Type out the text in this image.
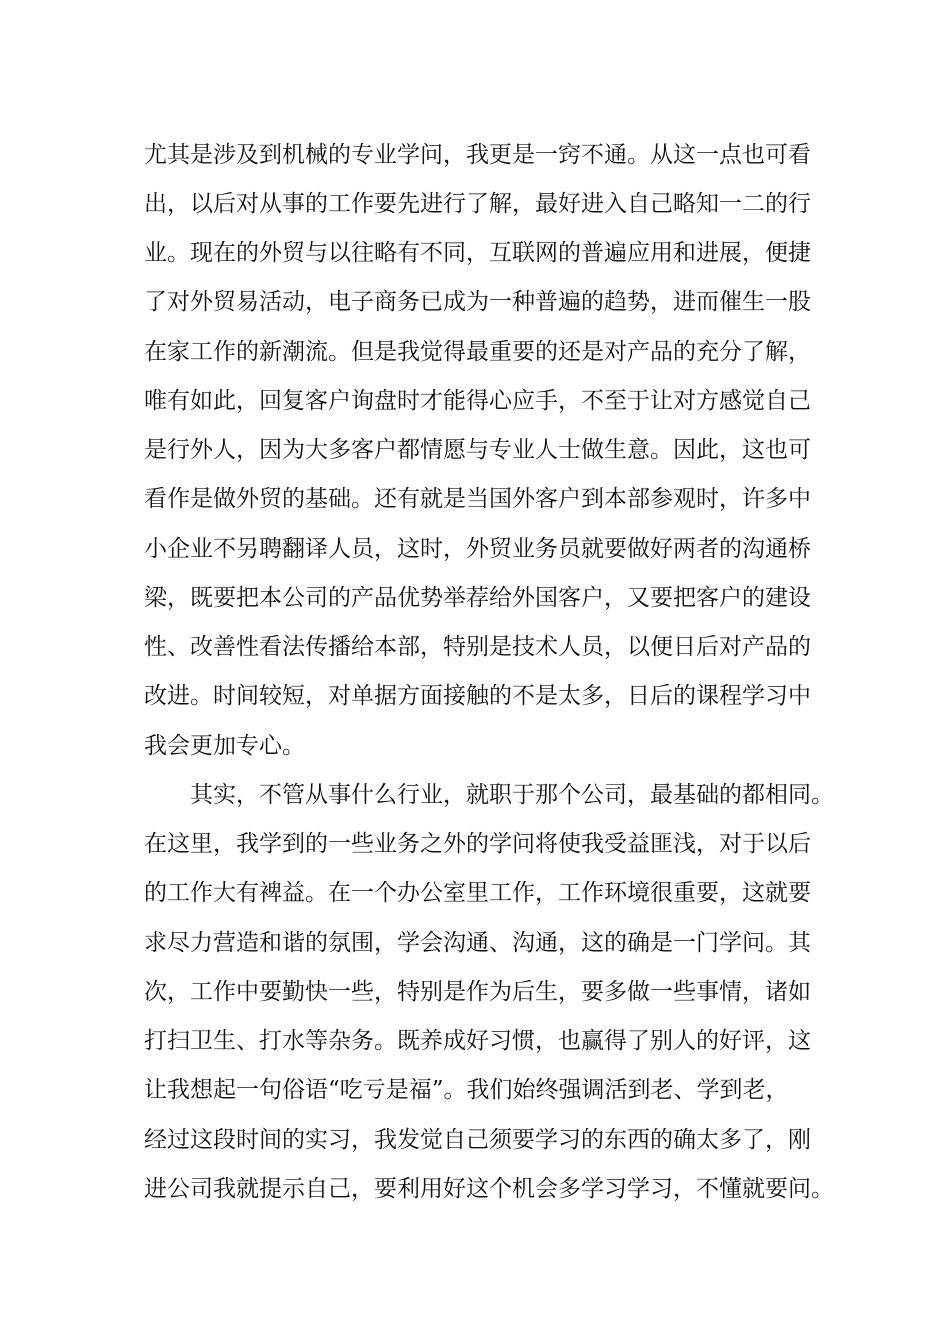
尤其是涉及到机械的专业学问，我更是一窍不通。从这一点也可看
出，以后对从事的工作要先进行了解，最好进入自己略知一二的行
业。现在的外贸与以往略有不同，互联网的普遍应用和进展，便捷
了对外贸易活动，电子商务已成为一种普遍的趋势，进而催生一股
在家工作的新潮流。但是我觉得最重要的还是对产品的充分了解，
唯有如此，回复客户询盘时才能得心应手，不至于让对方感觉自己
是行外人，因为大多客户都情愿与专业人士做生意。因此，这也可
看作是做外贸的基础。还有就是当国外客户到本部参观时，许多中
小企业不另聘翻译人员，这时，外贸业务员就要做好两者的沟通桥
梁，既要把本公司的产品优势举荐给外国客户，又要把客户的建设
性、改善性看法传播给本部，特别是技术人员，以便日后对产品的
改进。时间较短，对单据方面接触的不是太多，日后的课程学习中
我会更加专心。
其实，不管从事什么行业，就职于那个公司，最基础的都相同。
在这里，我学到的一些业务之外的学问将使我受益匪浅，对于以后
的工作大有裨益。在一个办公室里工作，工作环境很重要，这就要
求尽力营造和谐的氛围，学会沟通、沟通，这的确是一门学问。其
次，工作中要勤快一些，特别是作为后生，要多做一些事情，诸如
打扫卫生、打水等杂务。既养成好习惯，也赢得了别人的好评，这
让我想起一句俗语“吃亏是福”。我们始终强调活到老、学到老，
经过这段时间的实习，我发觉自己须要学习的东西的确太多了，刚
进公司我就提示自己，要利用好这个机会多学习学习，不懂就要问。
